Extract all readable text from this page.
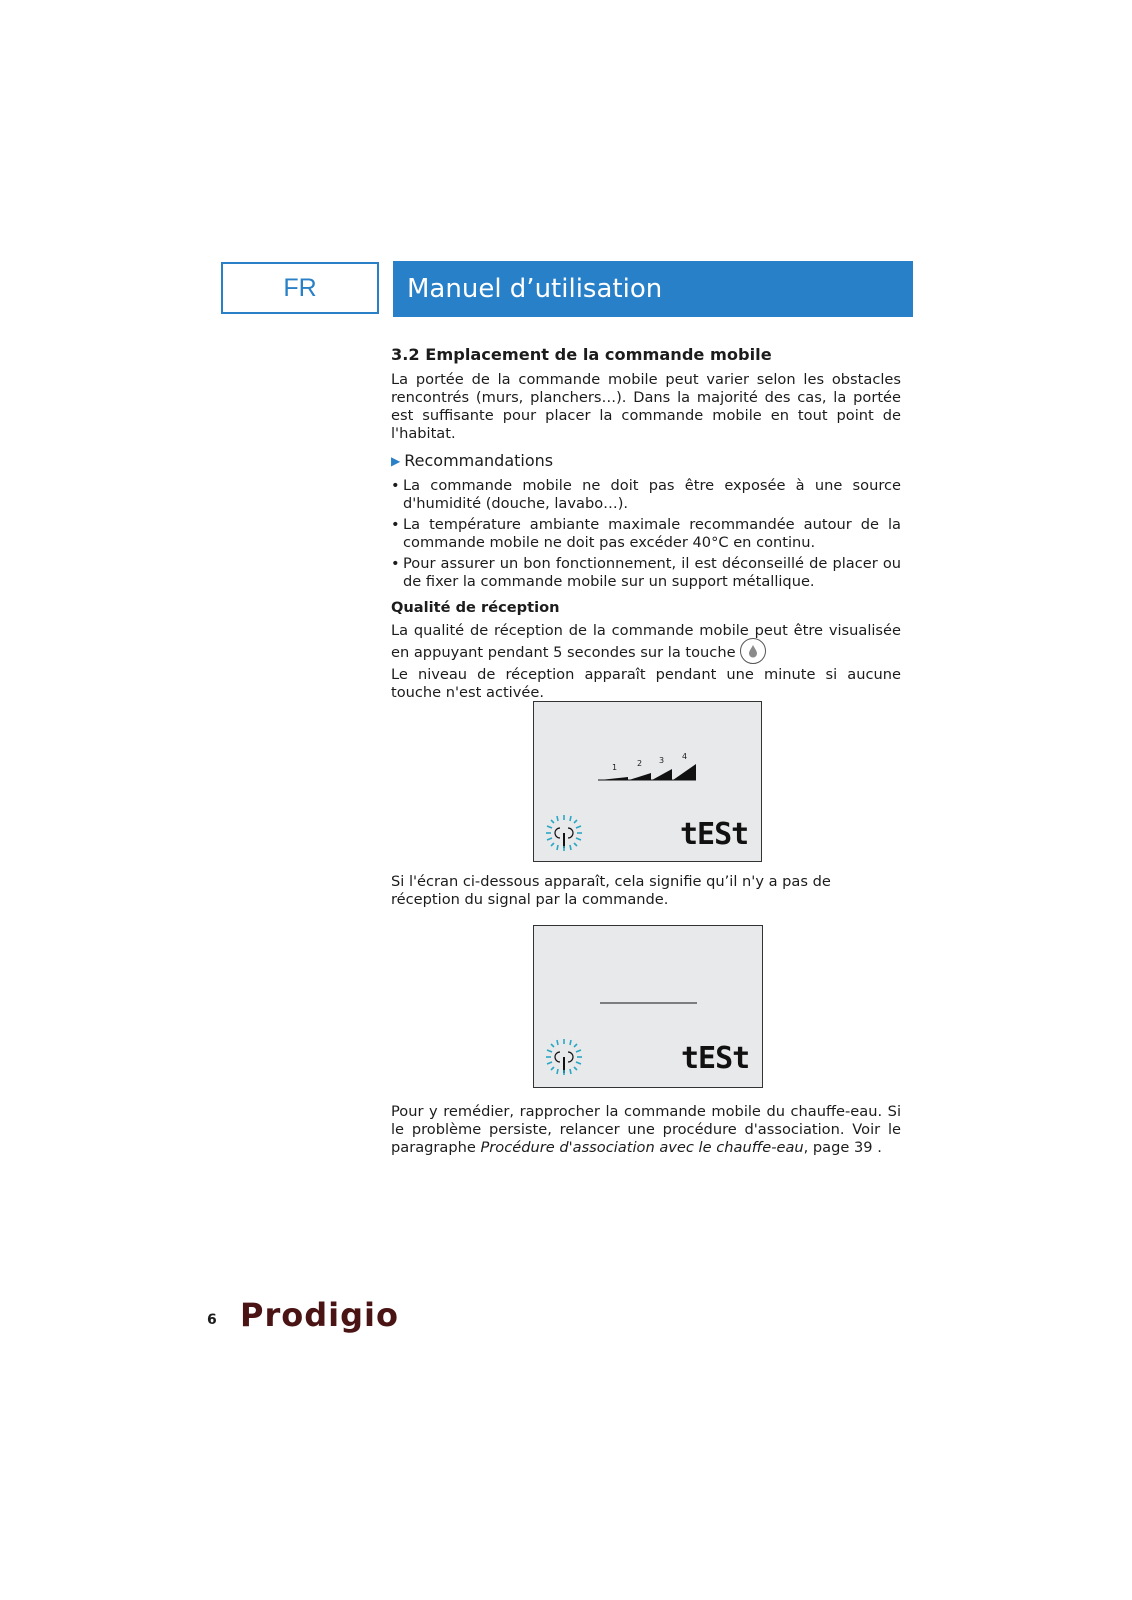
FR	Manuel d’utilisation
3.2 Emplacement de la commande mobile

La portée de la commande mobile peut varier selon les obstacles rencontrés (murs, planchers…). Dans la majorité des cas, la portée est suffisante pour placer la commande mobile en tout point de l'habitat.

▶ Recommandations
• La commande mobile ne doit pas être exposée à une source d'humidité (douche, lavabo…).
• La température ambiante maximale recommandée autour de la commande mobile ne doit pas excéder 40°C en continu.
• Pour assurer un bon fonctionnement, il est déconseillé de placer ou de fixer la commande mobile sur un support métallique.
Qualité de réception

La qualité de réception de la commande mobile peut être visualisée en appuyant pendant 5 secondes sur la touche

Le niveau de réception apparaît pendant une minute si aucune touche n'est activée.

1 2 3 4
tESt
Si l'écran ci-dessous apparaît, cela signifie qu’il n'y a pas de réception du signal par la commande.
tESt
Pour y remédier, rapprocher la commande mobile du chauffe-eau. Si le problème persiste, relancer une procédure d'association. Voir le paragraphe Procédure d'association avec le chauffe-eau, page 39 .
6 Prodigio
